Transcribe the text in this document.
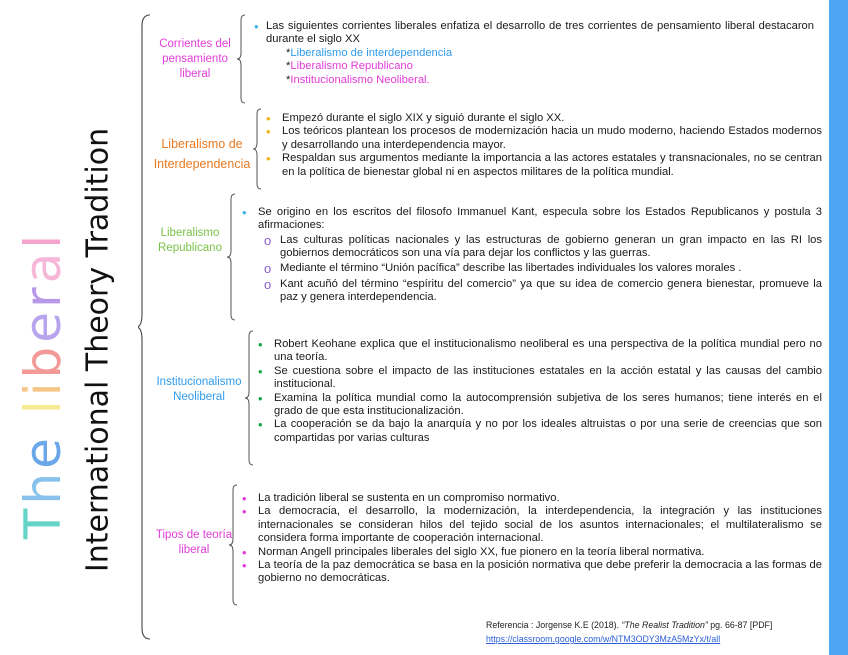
International Theory Tradition
The liberal
Corrientes del pensamiento liberal
Liberalismo de Interdependencia
Liberalismo Republicano
Institucionalismo Neoliberal
Tipos de teoría liberal
• Las siguientes corrientes liberales enfatiza el desarrollo de tres corrientes de pensamiento liberal destacaron durante el siglo XX
*Liberalismo de interdependencia
*Liberalismo Republicano
*Institucionalismo Neoliberal.
• Empezó durante el siglo XIX y siguió durante el siglo XX.
• Los teóricos plantean los procesos de modernización hacia un mudo moderno, haciendo Estados modernos y desarrollando una interdependencia mayor.
• Respaldan sus argumentos mediante la importancia a las actores estatales y transnacionales, no se centran en la política de bienestar global ni en aspectos militares de la política mundial.
• Se origino en los escritos del filosofo Immanuel Kant, especula sobre los Estados Republicanos y postula 3 afirmaciones:
o Las culturas políticas nacionales y las estructuras de gobierno generan un gran impacto en las RI los gobiernos democráticos son una vía para dejar los conflictos y las guerras.
o Mediante el término “Unión pacífica” describe las libertades individuales los valores morales .
o Kant acuñó del término “espíritu del comercio” ya que su idea de comercio genera bienestar, promueve la paz y genera interdependencia.
• Robert Keohane explica que el institucionalismo neoliberal es una perspectiva de la política mundial pero no una teoría.
• Se cuestiona sobre el impacto de las instituciones estatales en la acción estatal y las causas del cambio institucional.
• Examina la política mundial como la autocomprensión subjetiva de los seres humanos; tiene interés en el grado de que esta institucionalización.
• La cooperación se da bajo la anarquía y no por los ideales altruistas o por una serie de creencias que son compartidas por varias culturas
• La tradición liberal se sustenta en un compromiso normativo.
• La democracia, el desarrollo, la modernización, la interdependencia, la integración y las instituciones internacionales se consideran hilos del tejido social de los asuntos internacionales; el multilateralismo se considera forma importante de cooperación internacional.
• Norman Angell principales liberales del siglo XX, fue pionero en la teoría liberal normativa.
• La teoría de la paz democrática se basa en la posición normativa que debe preferir la democracia a las formas de gobierno no democráticas.
Referencia : Jorgense K.E (2018). “The Realist Tradition” pg. 66-87 [PDF]
https://classroom.google.com/w/NTM3ODY3MzA5MzYx/t/all
